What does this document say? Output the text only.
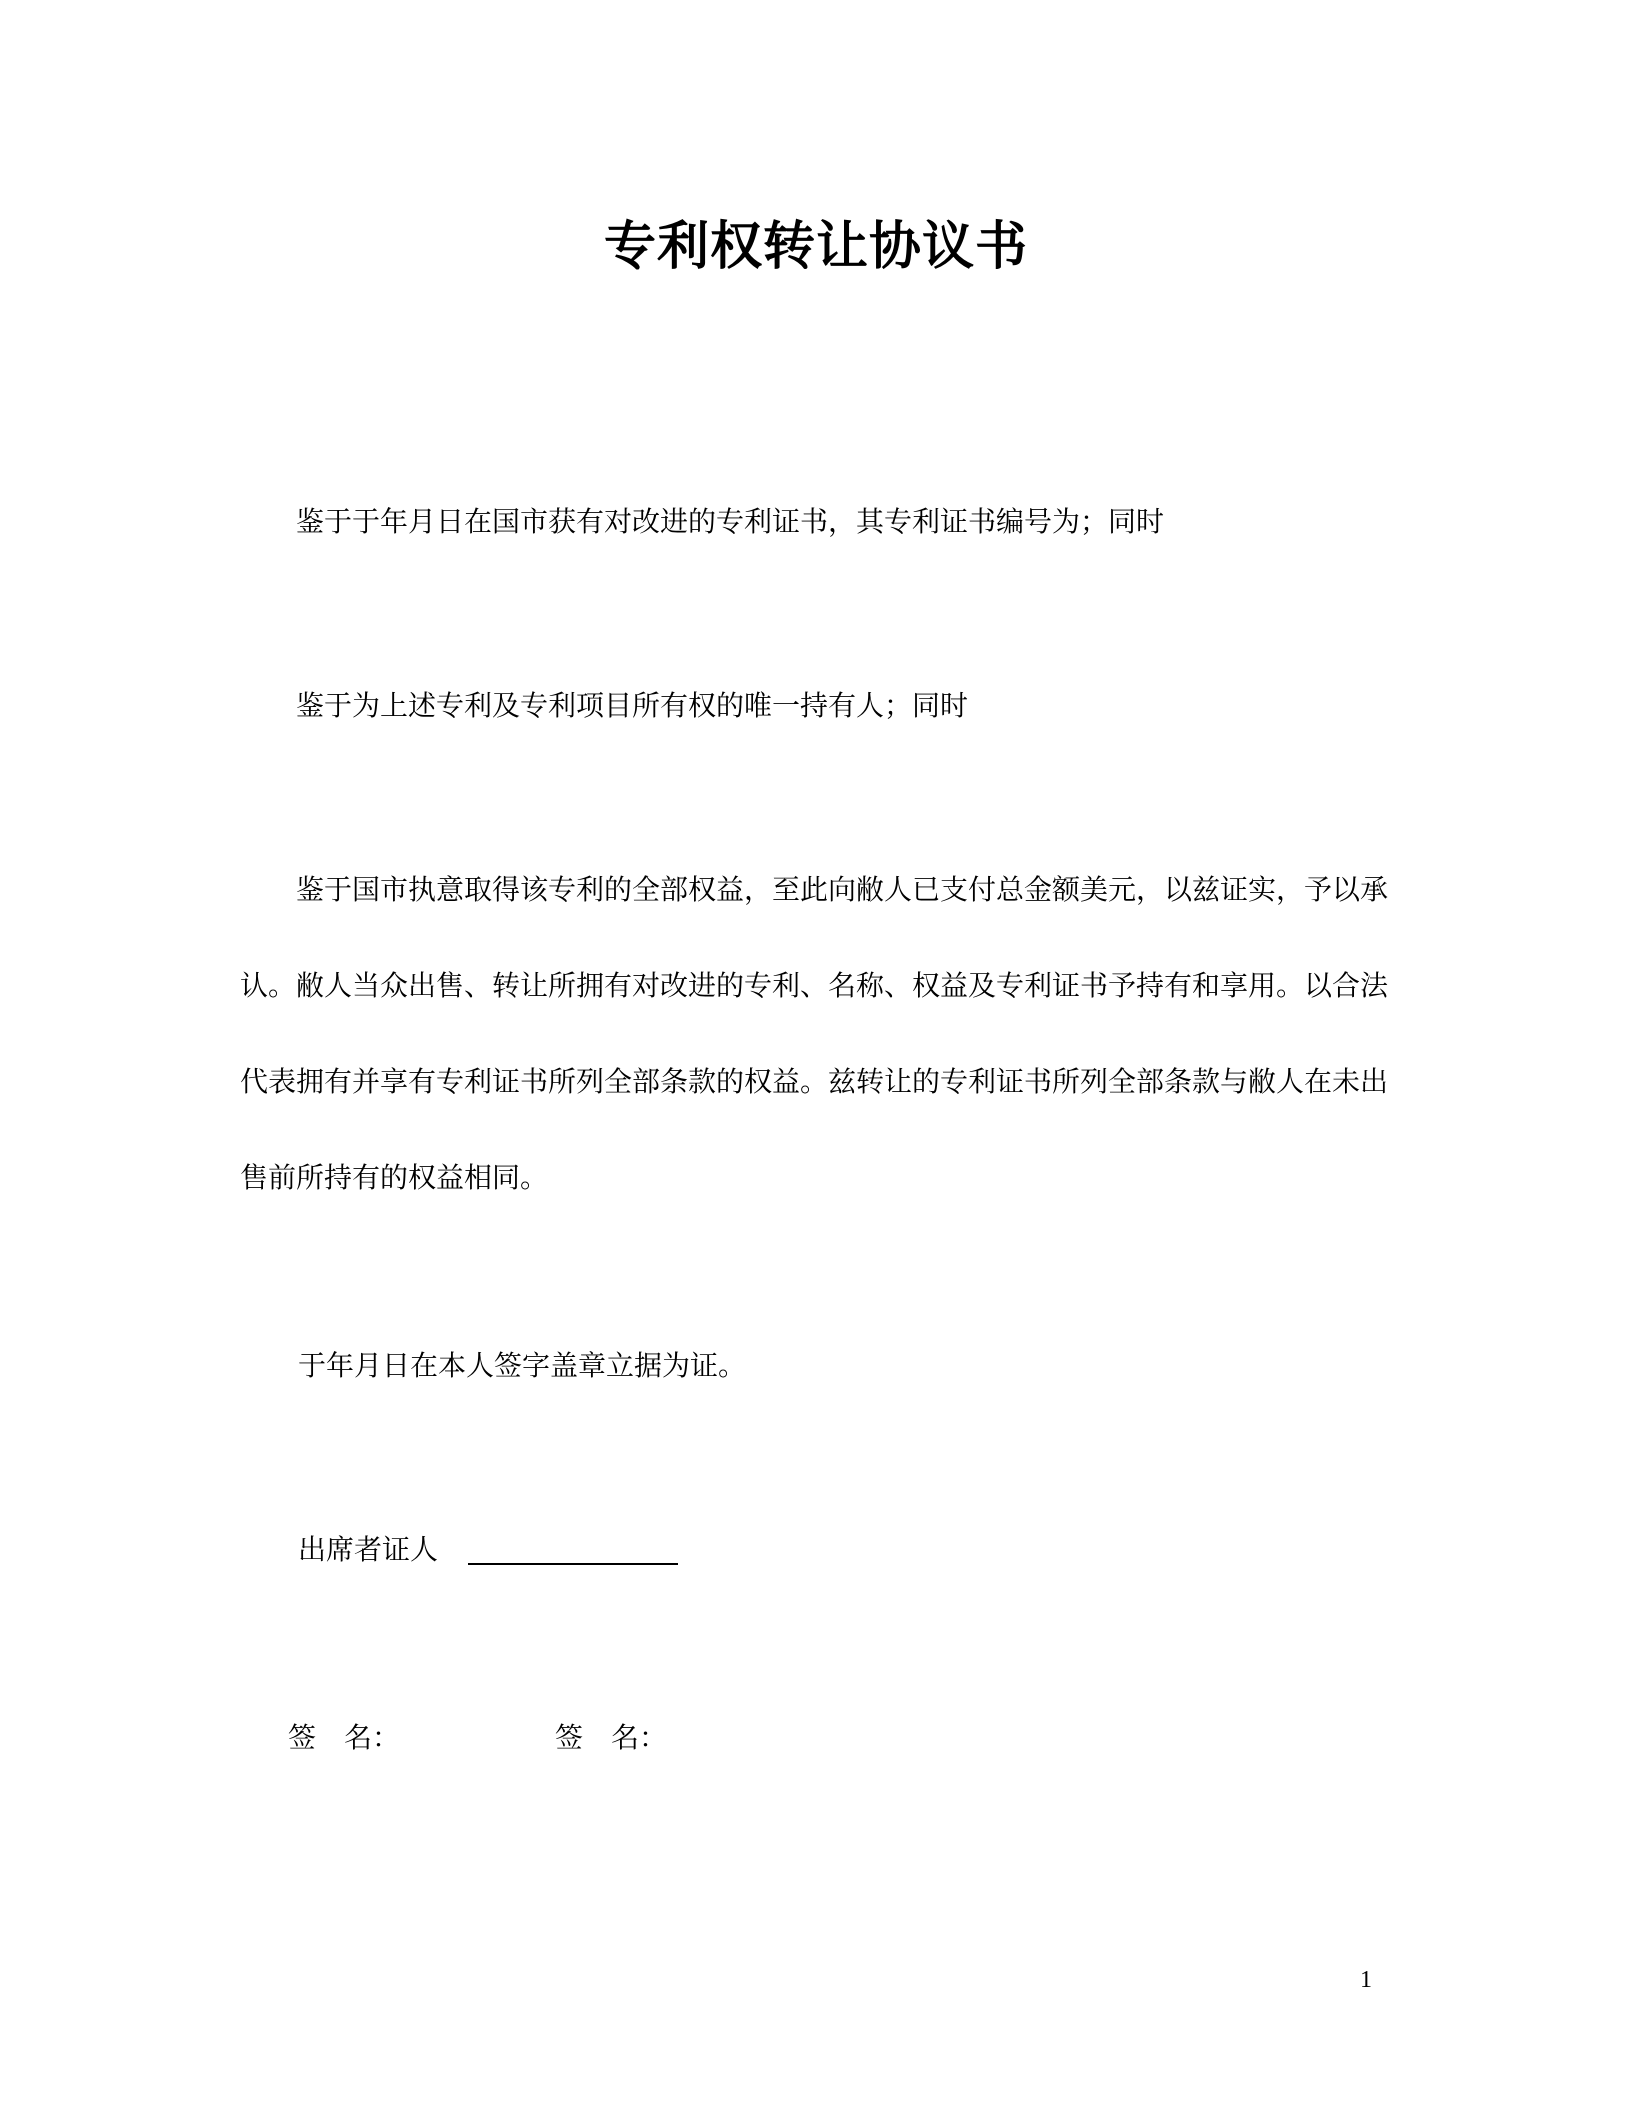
专利权转让协议书
鉴于于年月日在国市获有对改进的专利证书，其专利证书编号为；同时
鉴于为上述专利及专利项目所有权的唯一持有人；同时
鉴于国市执意取得该专利的全部权益，至此向敝人已支付总金额美元，以兹证实，予以承认。敝人当众出售、转让所拥有对改进的专利、名称、权益及专利证书予持有和享用。以合法代表拥有并享有专利证书所列全部条款的权益。兹转让的专利证书所列全部条款与敝人在未出售前所持有的权益相同。
于年月日在本人签字盖章立据为证。
出席者证人
签　名：	签　名：
1
